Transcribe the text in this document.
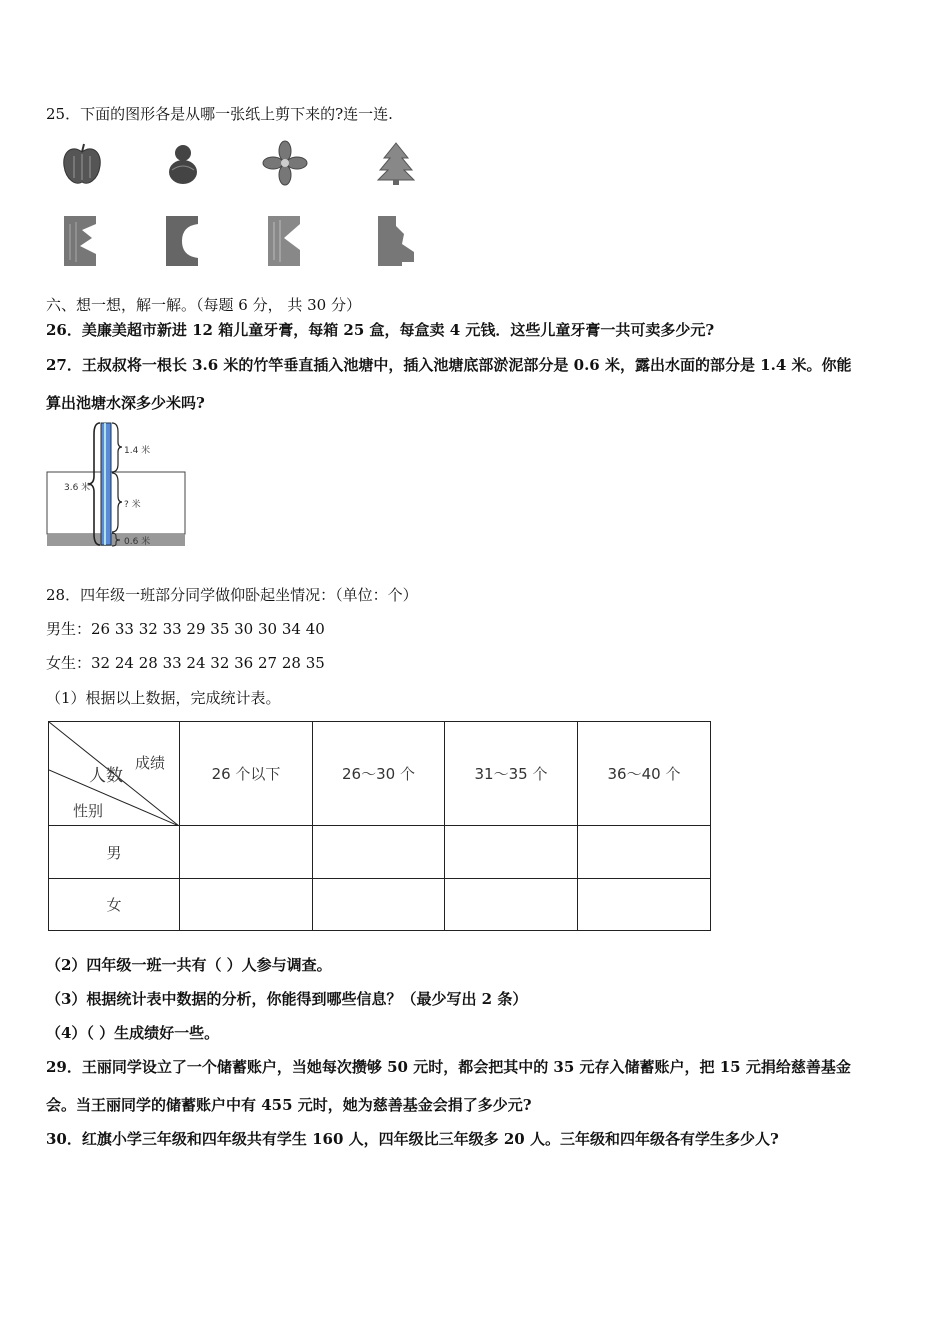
25．下面的图形各是从哪一张纸上剪下来的?连一连.
六、想一想，解一解。（每题 6 分， 共 30 分）
26．美廉美超市新进 12 箱儿童牙膏，每箱 25 盒，每盒卖 4 元钱．这些儿童牙膏一共可卖多少元?
27．王叔叔将一根长 3.6 米的竹竿垂直插入池塘中，插入池塘底部淤泥部分是 0.6 米，露出水面的部分是 1.4 米。你能
算出池塘水深多少米吗?
1.4 米
3.6 米
? 米
0.6 米
28．四年级一班部分同学做仰卧起坐情况：（单位：个）
男生：26 33 32 33 29 35 30 30 34 40
女生：32 24 28 33 24 32 36 27 28 35
（1）根据以上数据，完成统计表。
成绩
人数
性别	26 个以下	26～30 个	31～35 个	36～40 个
男				
女				
（2）四年级一班一共有（ ）人参与调查。
（3）根据统计表中数据的分析，你能得到哪些信息？（最少写出 2 条）
（4）（ ）生成绩好一些。
29．王丽同学设立了一个储蓄账户，当她每次攒够 50 元时，都会把其中的 35 元存入储蓄账户，把 15 元捐给慈善基金
会。当王丽同学的储蓄账户中有 455 元时，她为慈善基金会捐了多少元?
30．红旗小学三年级和四年级共有学生 160 人，四年级比三年级多 20 人。三年级和四年级各有学生多少人?
